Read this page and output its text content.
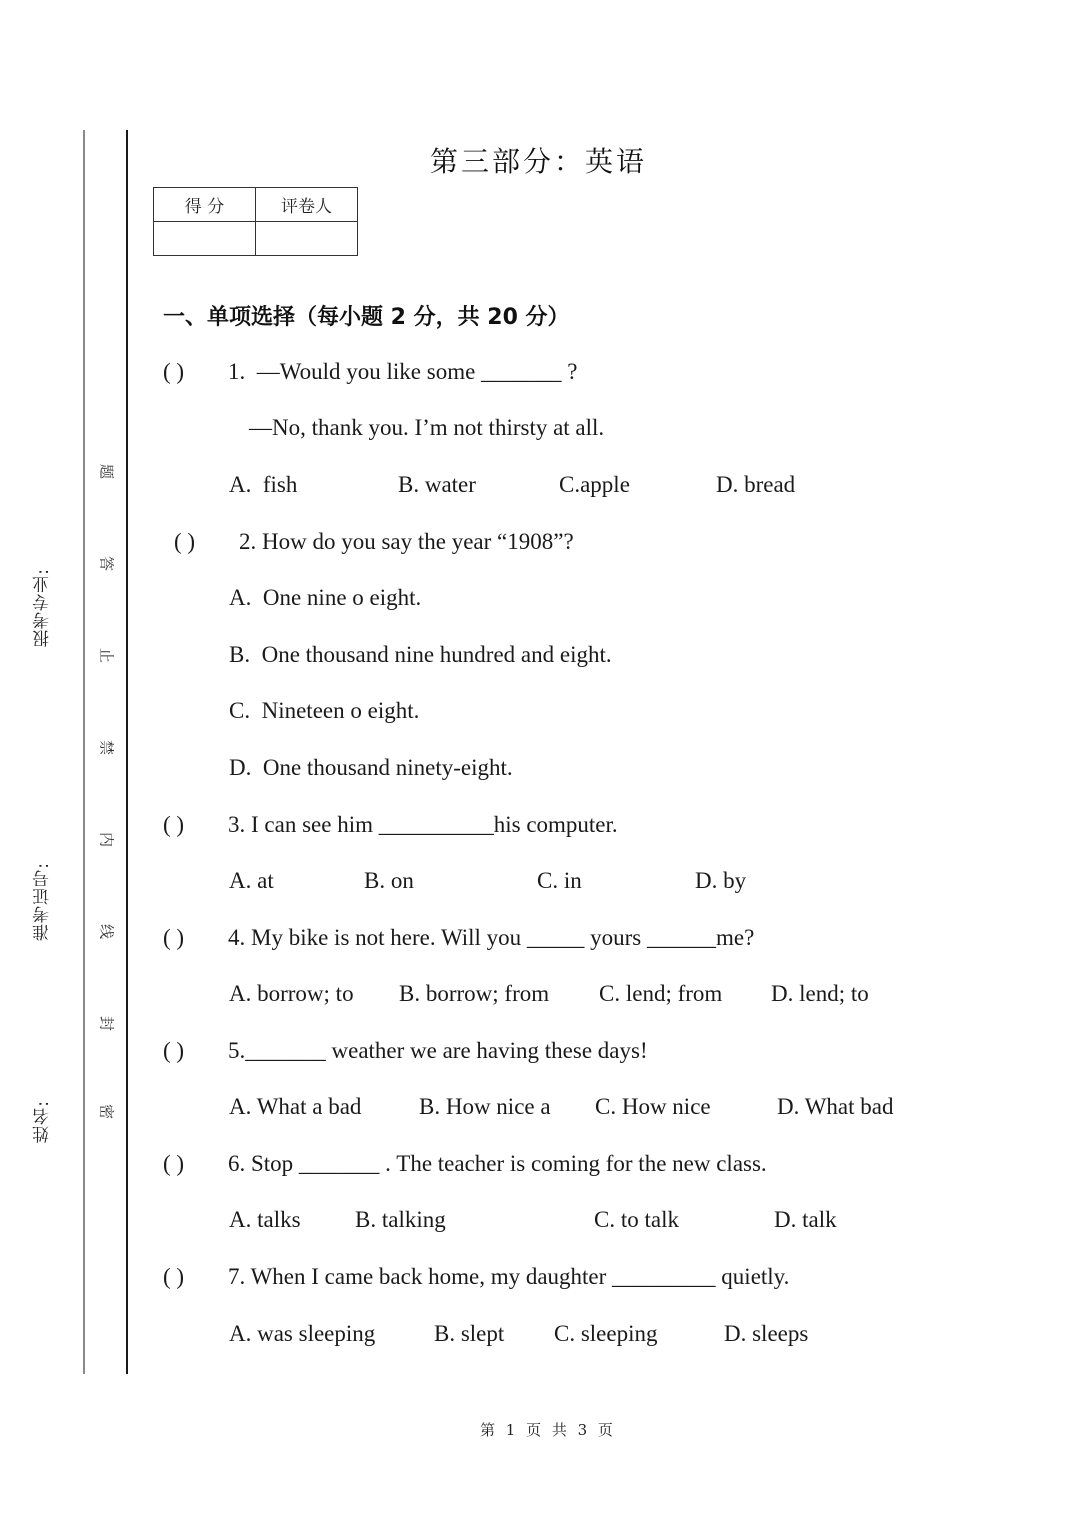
报考专业:
准考证号:
姓名:
题
答
止
禁
内
线
封
密
第三部分：英语
得 分	评卷人

一、单项选择（每小题 2 分，共 20 分）
( ) 1.  —Would you like some _______ ?
—No, thank you. I’m not thirsty at all.
A.  fish	B. water	C.apple	D. bread
( ) 2. How do you say the year “1908”?
A.  One nine o eight.
B.  One thousand nine hundred and eight.
C.  Nineteen o eight.
D.  One thousand ninety-eight.
( ) 3. I can see him __________his computer.
A. at	B. on	C. in	D. by
( ) 4. My bike is not here. Will you _____ yours ______me?
A. borrow; to B. borrow; from C. lend; from D. lend; to
( ) 5._______ weather we are having these days!
A. What a bad	B. How nice a C. How nice	D. What bad
( ) 6. Stop _______ . The teacher is coming for the new class.
A. talks B. talking	C. to talk	D. talk
( ) 7. When I came back home, my daughter _________ quietly.
A. was sleeping	B. slept C. sleeping	D. sleeps
第 1 页 共 3 页
